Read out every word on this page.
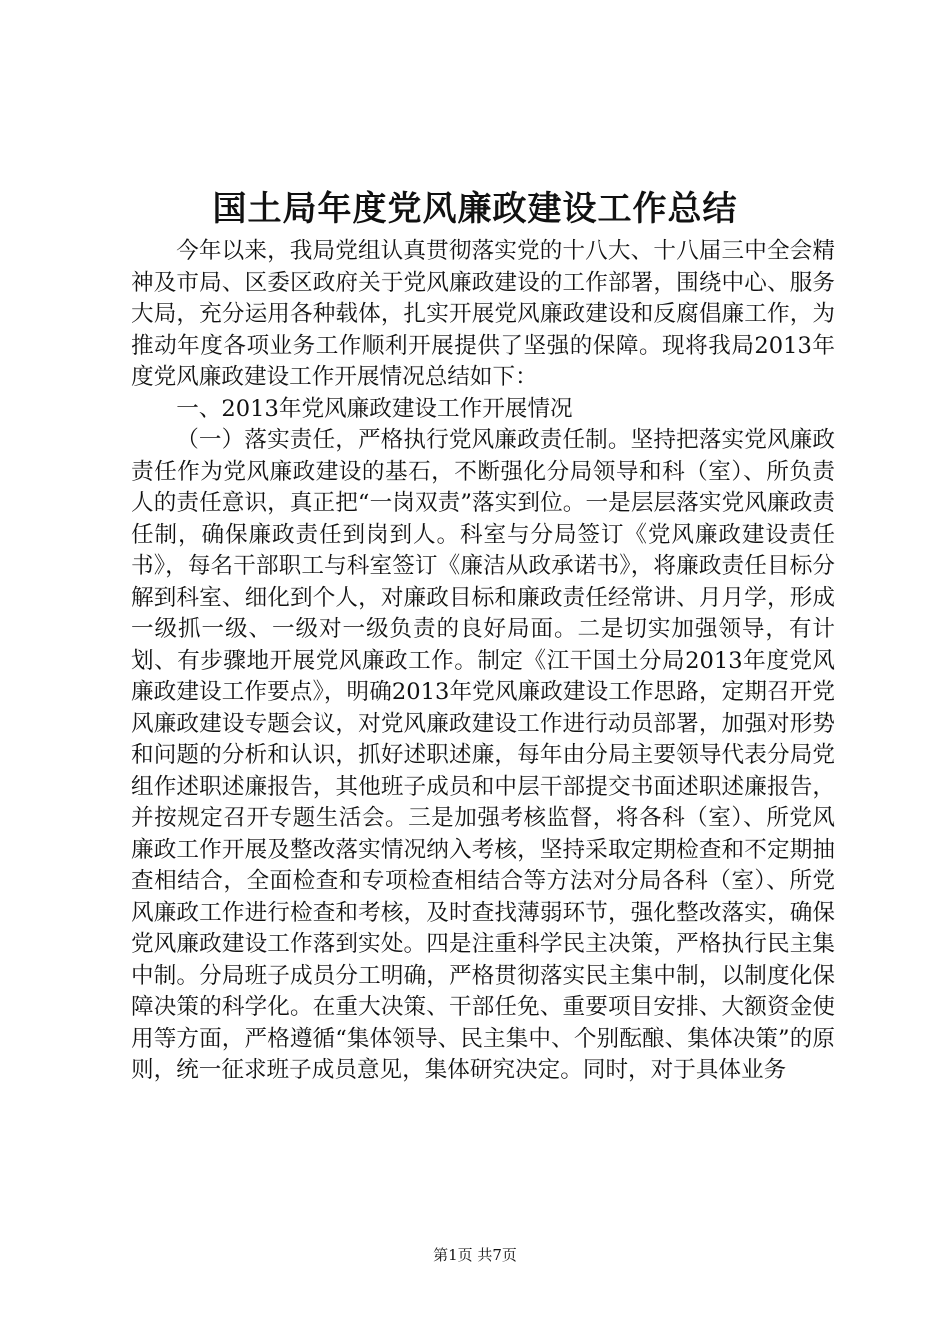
国土局年度党风廉政建设工作总结

今年以来，我局党组认真贯彻落实党的十八大、十八届三中全会精神及市局、区委区政府关于党风廉政建设的工作部署，围绕中心、服务大局，充分运用各种载体，扎实开展党风廉政建设和反腐倡廉工作，为推动年度各项业务工作顺利开展提供了坚强的保障。现将我局2013年度党风廉政建设工作开展情况总结如下：

一、2013年党风廉政建设工作开展情况

（一）落实责任，严格执行党风廉政责任制。坚持把落实党风廉政责任作为党风廉政建设的基石，不断强化分局领导和科（室）、所负责人的责任意识，真正把“一岗双责”落实到位。一是层层落实党风廉政责任制，确保廉政责任到岗到人。科室与分局签订《党风廉政建设责任书》，每名干部职工与科室签订《廉洁从政承诺书》，将廉政责任目标分解到科室、细化到个人，对廉政目标和廉政责任经常讲、月月学，形成一级抓一级、一级对一级负责的良好局面。二是切实加强领导，有计划、有步骤地开展党风廉政工作。制定《江干国土分局2013年度党风廉政建设工作要点》，明确2013年党风廉政建设工作思路，定期召开党风廉政建设专题会议，对党风廉政建设工作进行动员部署，加强对形势和问题的分析和认识，抓好述职述廉，每年由分局主要领导代表分局党组作述职述廉报告，其他班子成员和中层干部提交书面述职述廉报告，并按规定召开专题生活会。三是加强考核监督，将各科（室）、所党风廉政工作开展及整改落实情况纳入考核，坚持采取定期检查和不定期抽查相结合，全面检查和专项检查相结合等方法对分局各科（室）、所党风廉政工作进行检查和考核，及时查找薄弱环节，强化整改落实，确保党风廉政建设工作落到实处。四是注重科学民主决策，严格执行民主集中制。分局班子成员分工明确，严格贯彻落实民主集中制，以制度化保障决策的科学化。在重大决策、干部任免、重要项目安排、大额资金使用等方面，严格遵循“集体领导、民主集中、个别酝酿、集体决策”的原则，统一征求班子成员意见，集体研究决定。同时，对于具体业务

第1页 共7页
